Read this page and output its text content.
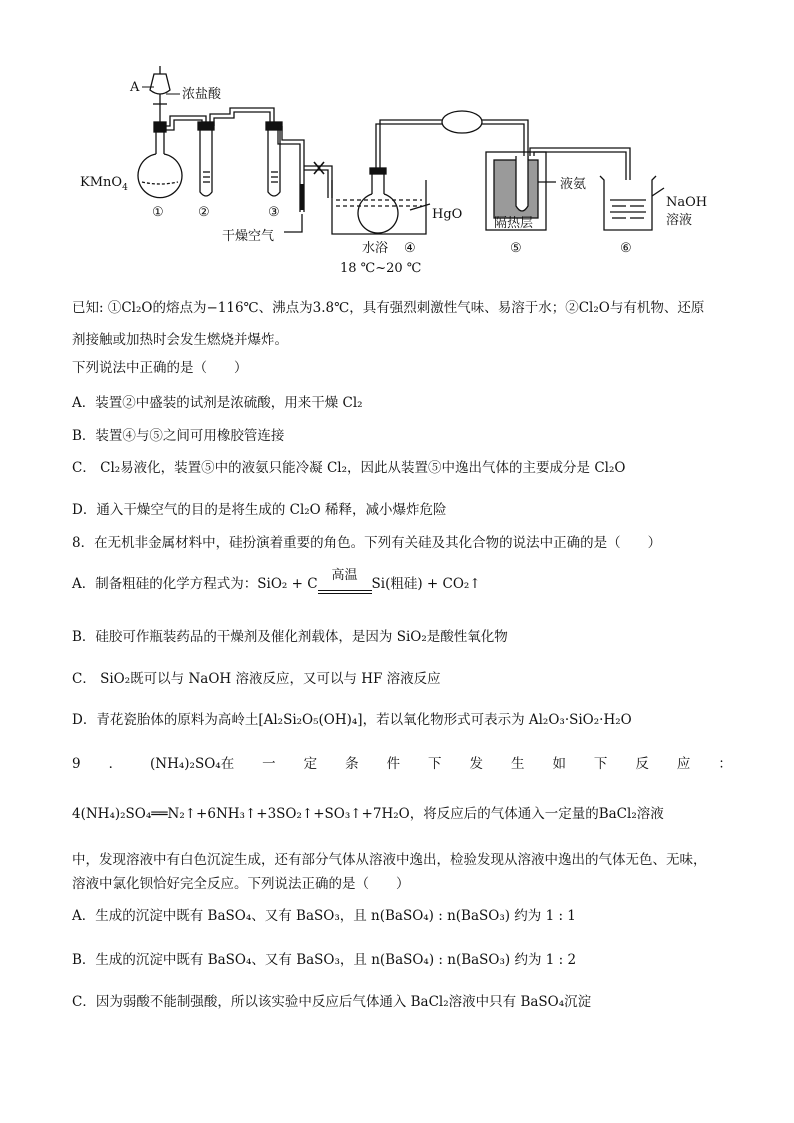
A	浓盐酸
KMnO$_4$
①	②	③
干燥空气
水浴 ④
18 ℃~20 ℃
HgO
液氨
隔热层
⑤	⑥
NaOH
溶液
已知: ①Cl₂O的熔点为−116℃、沸点为3.8℃，具有强烈刺激性气味、易溶于水；②Cl₂O与有机物、还原
剂接触或加热时会发生燃烧并爆炸。
下列说法中正确的是（　　）
A．装置②中盛装的试剂是浓硫酸，用来干燥 Cl₂
B．装置④与⑤之间可用橡胶管连接
C． Cl₂易液化，装置⑤中的液氨只能冷凝 Cl₂，因此从装置⑤中逸出气体的主要成分是 Cl₂O
D．通入干燥空气的目的是将生成的 Cl₂O 稀释，减小爆炸危险
8．在无机非金属材料中，硅扮演着重要的角色。下列有关硅及其化合物的说法中正确的是（　　）
A．制备粗硅的化学方程式为：SiO₂ + C
高温
Si(粗硅) + CO₂↑
B．硅胶可作瓶装药品的干燥剂及催化剂载体，是因为 SiO₂是酸性氧化物
C． SiO₂既可以与 NaOH 溶液反应，又可以与 HF 溶液反应
D．青花瓷胎体的原料为高岭土[Al₂Si₂O₅(OH)₄]，若以氧化物形式可表示为 Al₂O₃·SiO₂·H₂O
9 ． (NH₄)₂SO₄在 一 定 条 件 下 发 生 如 下 反 应 ：
4(NH₄)₂SO₄══N₂↑+6NH₃↑+3SO₂↑+SO₃↑+7H₂O，将反应后的气体通入一定量的BaCl₂溶液
中，发现溶液中有白色沉淀生成，还有部分气体从溶液中逸出，检验发现从溶液中逸出的气体无色、无味，
溶液中氯化钡恰好完全反应。下列说法正确的是（　　）
A．生成的沉淀中既有 BaSO₄、又有 BaSO₃，且 n(BaSO₄) : n(BaSO₃) 约为 1 : 1
B．生成的沉淀中既有 BaSO₄、又有 BaSO₃，且 n(BaSO₄) : n(BaSO₃) 约为 1 : 2
C．因为弱酸不能制强酸，所以该实验中反应后气体通入 BaCl₂溶液中只有 BaSO₄沉淀
